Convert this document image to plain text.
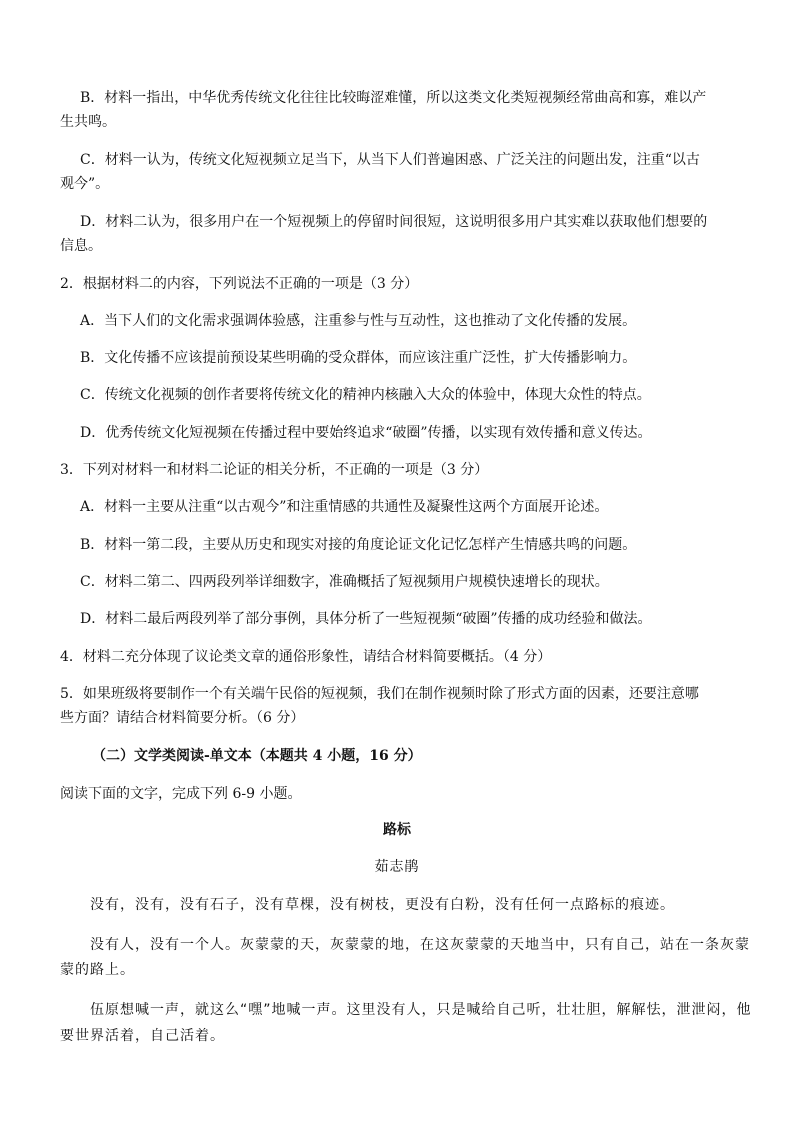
B．材料一指出，中华优秀传统文化往往比较晦涩难懂，所以这类文化类短视频经常曲高和寡，难以产
生共鸣。
C．材料一认为，传统文化短视频立足当下，从当下人们普遍困惑、广泛关注的问题出发，注重“以古
观今”。
D．材料二认为，很多用户在一个短视频上的停留时间很短，这说明很多用户其实难以获取他们想要的
信息。
2．根据材料二的内容，下列说法不正确的一项是（3 分）
A．当下人们的文化需求强调体验感，注重参与性与互动性，这也推动了文化传播的发展。
B．文化传播不应该提前预设某些明确的受众群体，而应该注重广泛性，扩大传播影响力。
C．传统文化视频的创作者要将传统文化的精神内核融入大众的体验中，体现大众性的特点。
D．优秀传统文化短视频在传播过程中要始终追求“破圈”传播，以实现有效传播和意义传达。
3．下列对材料一和材料二论证的相关分析，不正确的一项是（3 分）
A．材料一主要从注重“以古观今”和注重情感的共通性及凝聚性这两个方面展开论述。
B．材料一第二段，主要从历史和现实对接的角度论证文化记忆怎样产生情感共鸣的问题。
C．材料二第二、四两段列举详细数字，准确概括了短视频用户规模快速增长的现状。
D．材料二最后两段列举了部分事例，具体分析了一些短视频“破圈”传播的成功经验和做法。
4．材料二充分体现了议论类文章的通俗形象性，请结合材料简要概括。（4 分）
5．如果班级将要制作一个有关端午民俗的短视频，我们在制作视频时除了形式方面的因素，还要注意哪
些方面？请结合材料简要分析。（6 分）
（二）文学类阅读-单文本（本题共 4 小题，16 分）
阅读下面的文字，完成下列 6-9 小题。
路标
茹志鹃
没有，没有，没有石子，没有草棵，没有树枝，更没有白粉，没有任何一点路标的痕迹。
没有人，没有一个人。灰蒙蒙的天，灰蒙蒙的地，在这灰蒙蒙的天地当中，只有自己，站在一条灰蒙
蒙的路上。
伍原想喊一声，就这么“嘿”地喊一声。这里没有人，只是喊给自己听，壮壮胆，解解怯，泄泄闷，他
要世界活着，自己活着。
